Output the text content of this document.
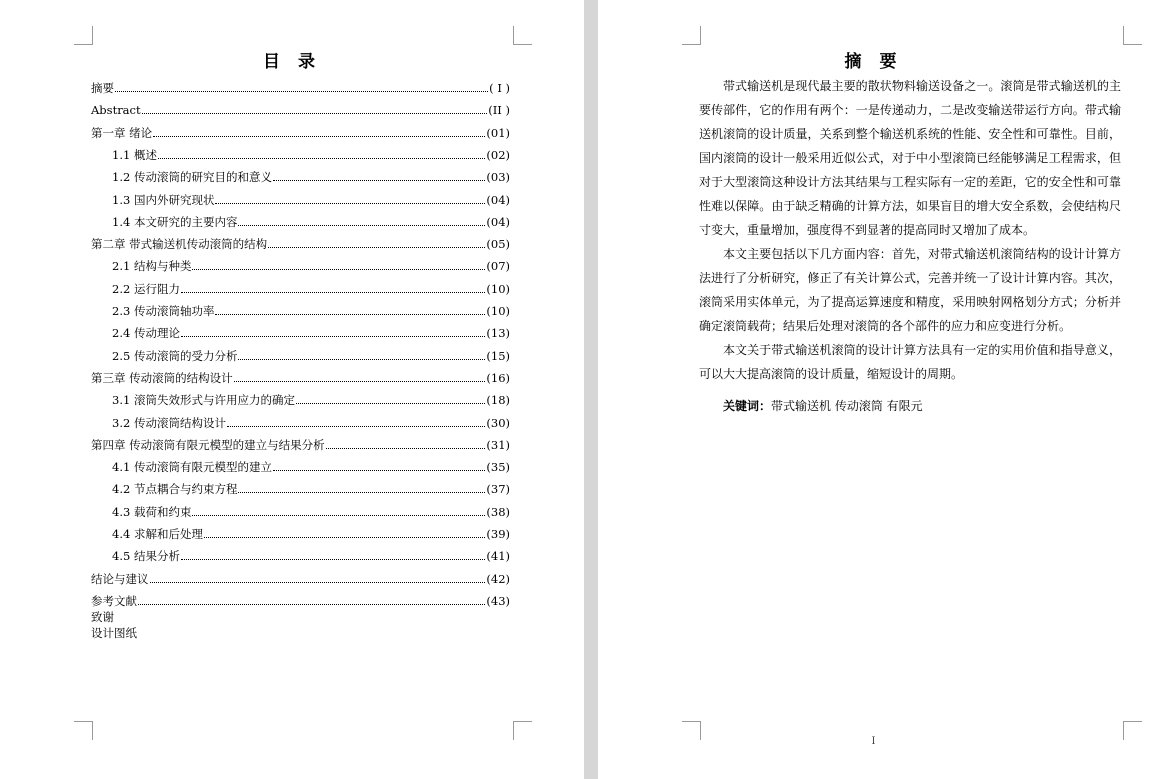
目 录
摘要	( I )
Abstract	(II )
第一章 绪论	(01)
1.1 概述	(02)
1.2 传动滚筒的研究目的和意义	(03)
1.3 国内外研究现状	(04)
1.4 本文研究的主要内容	(04)
第二章 带式输送机传动滚筒的结构	(05)
2.1 结构与种类	(07)
2.2 运行阻力	(10)
2.3 传动滚筒轴功率	(10)
2.4 传动理论	(13)
2.5 传动滚筒的受力分析	(15)
第三章 传动滚筒的结构设计	(16)
3.1 滚筒失效形式与许用应力的确定	(18)
3.2 传动滚筒结构设计	(30)
第四章 传动滚筒有限元模型的建立与结果分析	(31)
4.1 传动滚筒有限元模型的建立	(35)
4.2 节点耦合与约束方程	(37)
4.3 载荷和约束	(38)
4.4 求解和后处理	(39)
4.5 结果分析	(41)
结论与建议	(42)
参考文献	(43)
致谢
设计图纸
摘 要

带式输送机是现代最主要的散状物料输送设备之一。滚筒是带式输送机的主要传部件，它的作用有两个：一是传递动力，二是改变输送带运行方向。带式输送机滚筒的设计质量，关系到整个输送机系统的性能、安全性和可靠性。目前，国内滚筒的设计一般采用近似公式，对于中小型滚筒已经能够满足工程需求，但对于大型滚筒这种设计方法其结果与工程实际有一定的差距，它的安全性和可靠性难以保障。由于缺乏精确的计算方法，如果盲目的增大安全系数，会使结构尺寸变大，重量增加，强度得不到显著的提高同时又增加了成本。

本文主要包括以下几方面内容：首先，对带式输送机滚筒结构的设计计算方法进行了分析研究，修正了有关计算公式，完善并统一了设计计算内容。其次，滚筒采用实体单元，为了提高运算速度和精度，采用映射网格划分方式；分析并确定滚筒载荷；结果后处理对滚筒的各个部件的应力和应变进行分析。

本文关于带式输送机滚筒的设计计算方法具有一定的实用价值和指导意义，可以大大提高滚筒的设计质量，缩短设计的周期。

关键词：带式输送机 传动滚筒 有限元
I
